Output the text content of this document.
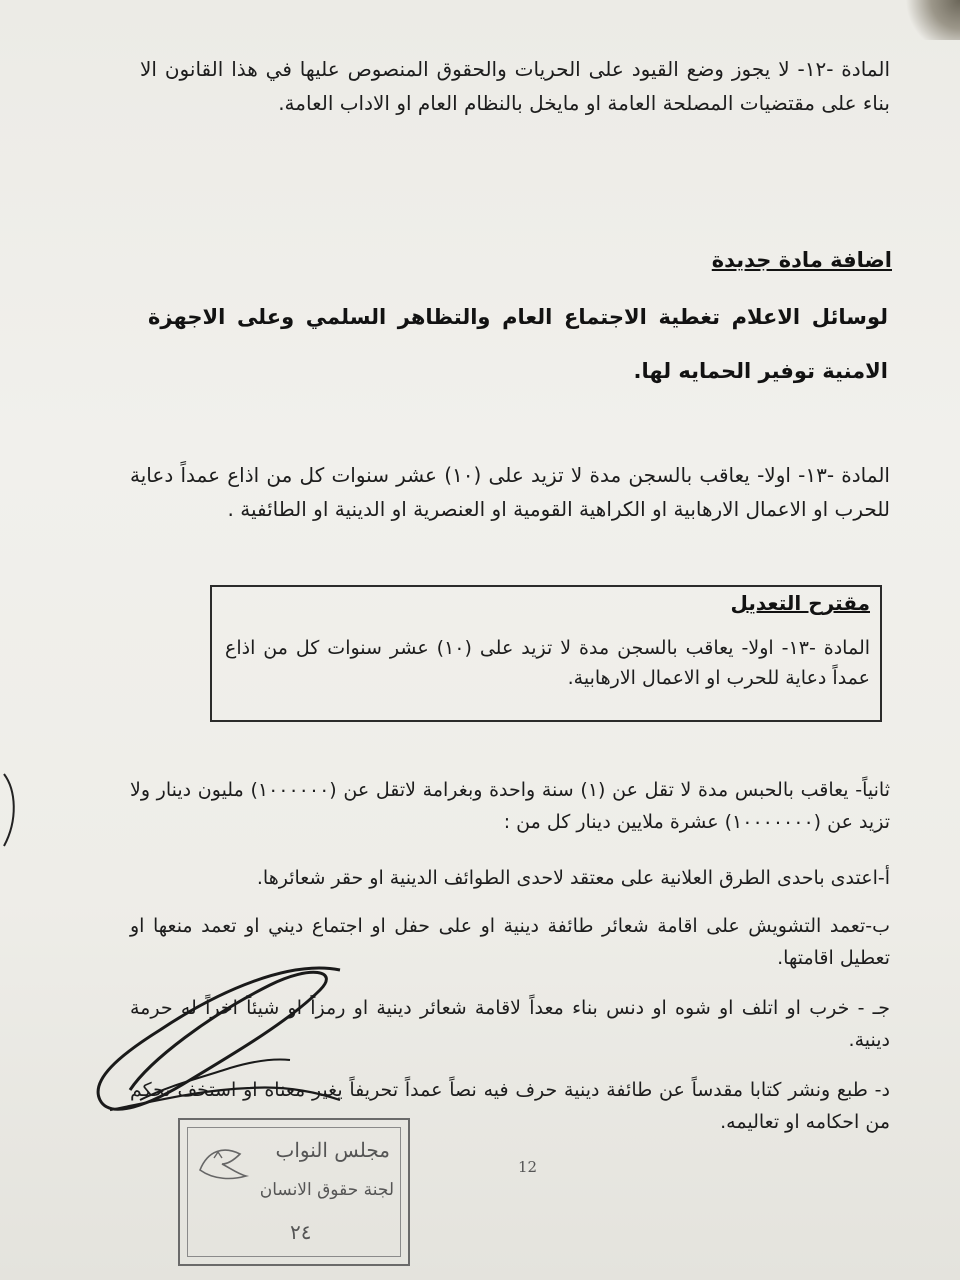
المادة -١٢- لا يجوز وضع القيود على الحريات والحقوق المنصوص عليها في هذا القانون الا بناء على مقتضيات المصلحة العامة او مايخل بالنظام العام او الاداب العامة.
اضافة مادة جديدة
لوسائل الاعلام تغطية الاجتماع العام والتظاهر السلمي وعلى الاجهزة الامنية توفير الحمايه لها.
المادة -١٣- اولا- يعاقب بالسجن مدة لا تزيد على (١٠) عشر سنوات كل من اذاع عمداً دعاية للحرب او الاعمال الارهابية او الكراهية القومية او العنصرية او الدينية او الطائفية .
مقترح التعديل
المادة -١٣- اولا- يعاقب بالسجن مدة لا تزيد على (١٠) عشر سنوات كل من اذاع عمداً دعاية للحرب او الاعمال الارهابية.
ثانياً- يعاقب بالحبس مدة لا تقل عن (١) سنة واحدة وبغرامة لاتقل عن (١٠٠٠٠٠٠) مليون دينار ولا تزيد عن (١٠٠٠٠٠٠٠) عشرة ملايين دينار كل من :
أ-اعتدى باحدى الطرق العلانية على معتقد لاحدى الطوائف الدينية او حقر شعائرها.
ب-تعمد التشويش على اقامة شعائر طائفة دينية او على حفل او اجتماع ديني او تعمد منعها او تعطيل اقامتها.
جـ - خرب او اتلف او شوه او دنس بناء معداً لاقامة شعائر دينية او رمزاً او شيئاً اخراً له حرمة دينية.
د- طبع ونشر كتابا مقدساً عن طائفة دينية حرف فيه نصاً عمداً تحريفاً يغير معناه او استخف بحكم من احكامه او تعاليمه.
12
مجلس النواب
لجنة حقوق الانسان
٢٤
